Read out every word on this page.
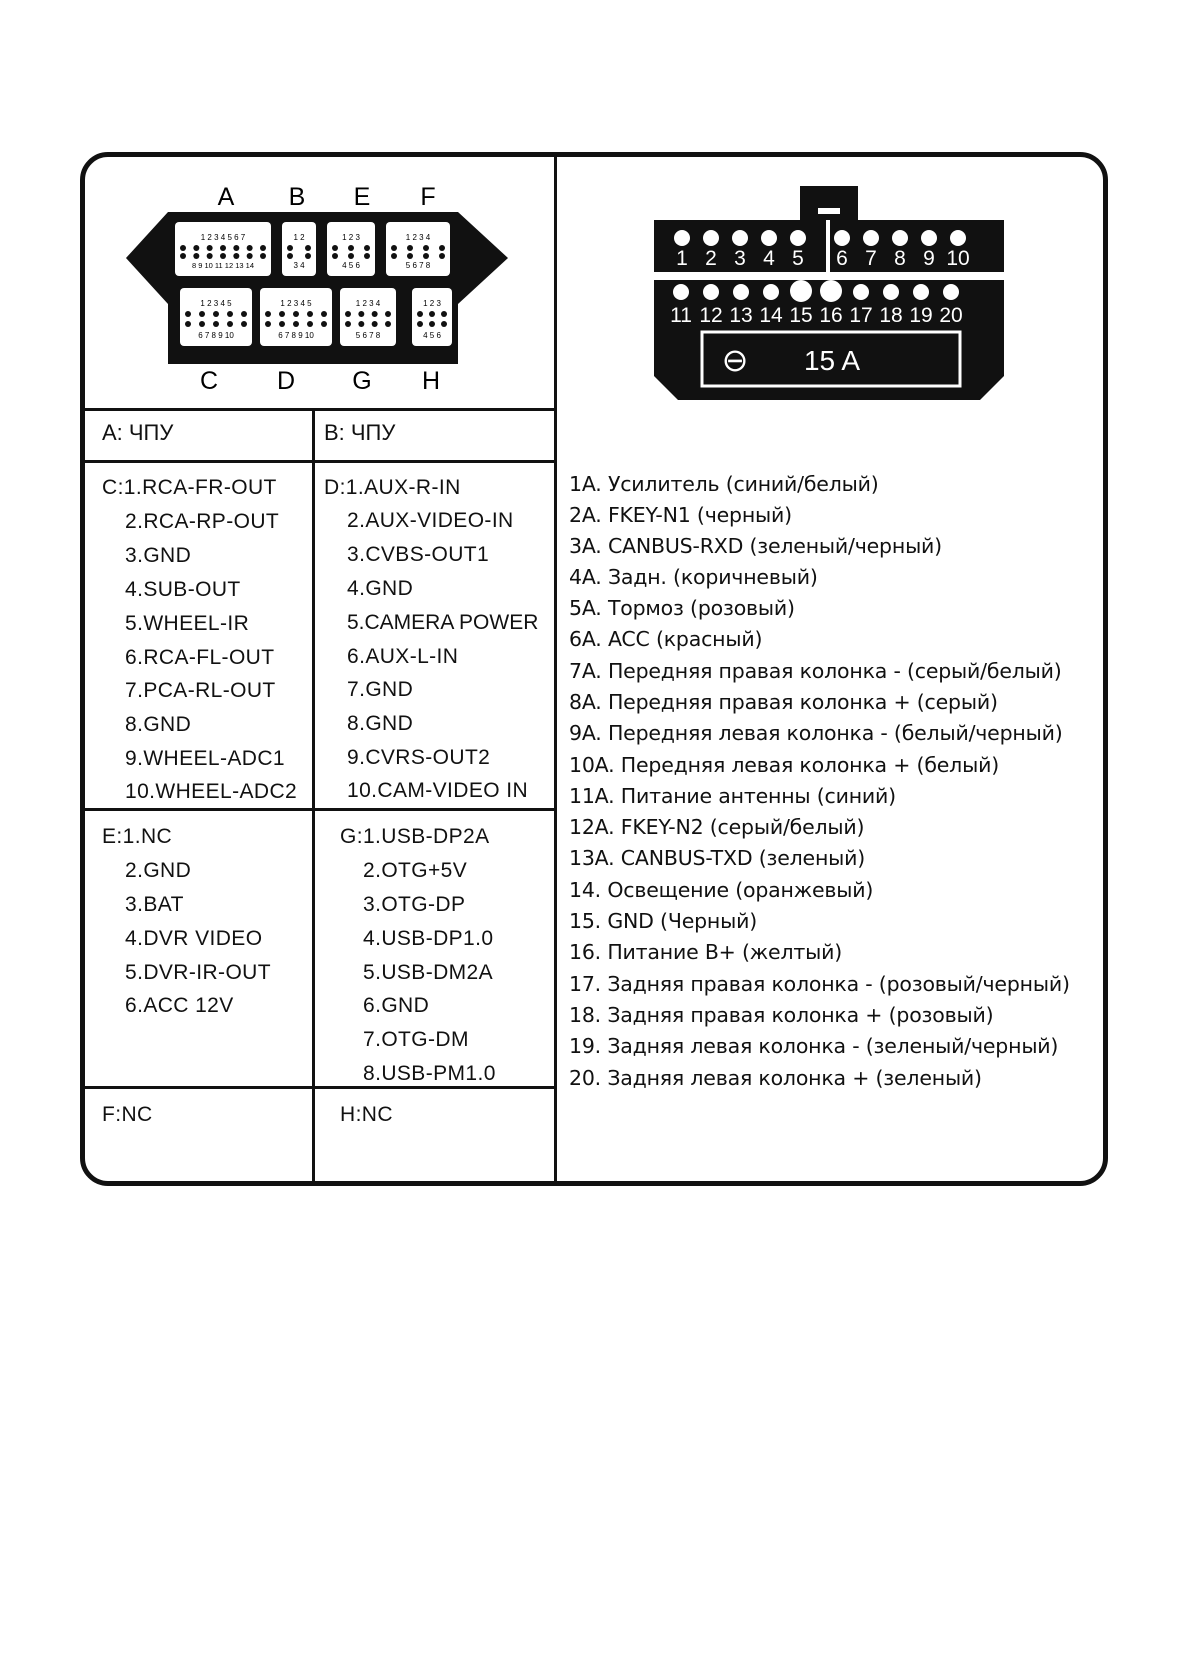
A B E F
1 2 3 4 5 6 7
8 9 10 11 12 13 14
1 2
3 4
1 2 3
4 5 6
1 2 3 4
5 6 7 8
1 2 3 4 5
6 7 8 9 10
1 2 3 4 5
6 7 8 9 10
1 2 3 4
5 6 7 8
1 2 3
4 5 6
C D G H
1 2 3 4 5 6 7 8 9 10
11 12 13 14 15 16 17 18 19 20
⊖ 15 A
A: ЧПУ	B: ЧПУ
C:1.RCA-FR-OUT
2.RCA-RP-OUT
3.GND
4.SUB-OUT
5.WHEEL-IR
6.RCA-FL-OUT
7.PCA-RL-OUT
8.GND
9.WHEEL-ADC1
10.WHEEL-ADC2
D:1.AUX-R-IN
2.AUX-VIDEO-IN
3.CVBS-OUT1
4.GND
5.CAMERA POWER
6.AUX-L-IN
7.GND
8.GND
9.CVRS-OUT2
10.CAM-VIDEO IN
E:1.NC
2.GND
3.BAT
4.DVR VIDEO
5.DVR-IR-OUT
6.ACC 12V
G:1.USB-DP2A
2.OTG+5V
3.OTG-DP
4.USB-DP1.0
5.USB-DM2A
6.GND
7.OTG-DM
8.USB-PM1.0
F:NC	H:NC
1A. Усилитель (синий/белый)
2A. FKEY-N1 (черный)
3A. CANBUS-RXD (зеленый/черный)
4A. Задн. (коричневый)
5A. Тормоз (розовый)
6A. ACC (красный)
7A. Передняя правая колонка - (серый/белый)
8A. Передняя правая колонка + (серый)
9A. Передняя левая колонка - (белый/черный)
10A. Передняя левая колонка + (белый)
11A. Питание антенны (синий)
12A. FKEY-N2 (серый/белый)
13A. CANBUS-TXD (зеленый)
14. Освещение (оранжевый)
15. GND (Черный)
16. Питание B+ (желтый)
17. Задняя правая колонка - (розовый/черный)
18. Задняя правая колонка + (розовый)
19. Задняя левая колонка - (зеленый/черный)
20. Задняя левая колонка + (зеленый)
